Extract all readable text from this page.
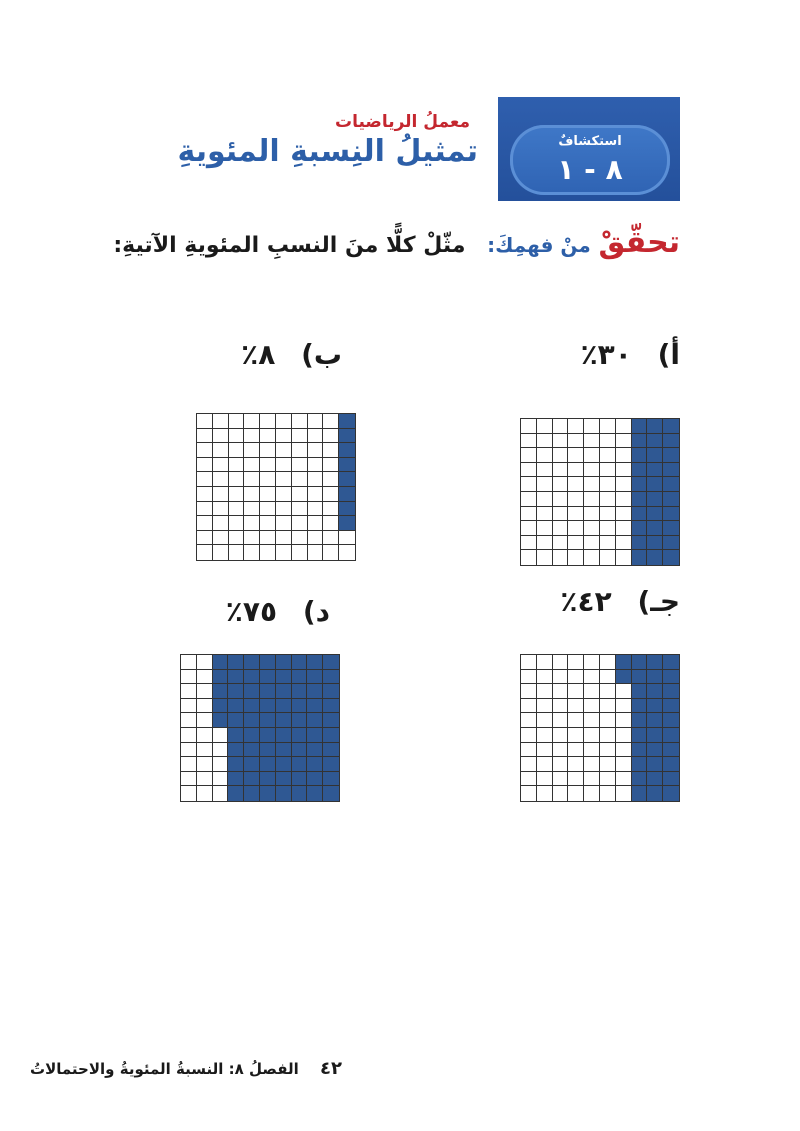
استكشافٌ
٨ - ١
معملُ الرياضيات
تمثيلُ النِسبةِ المئويةِ
تحقّقْ منْ فهمِكَ: مثّلْ كلًّا منَ النسبِ المئويةِ الآتيةِ:
أ) ٣٠٪
ب) ٨٪
جـ) ٤٢٪
د) ٧٥٪
٤٢ الفصلُ ٨: النسبةُ المئويةُ والاحتمالاتُ
